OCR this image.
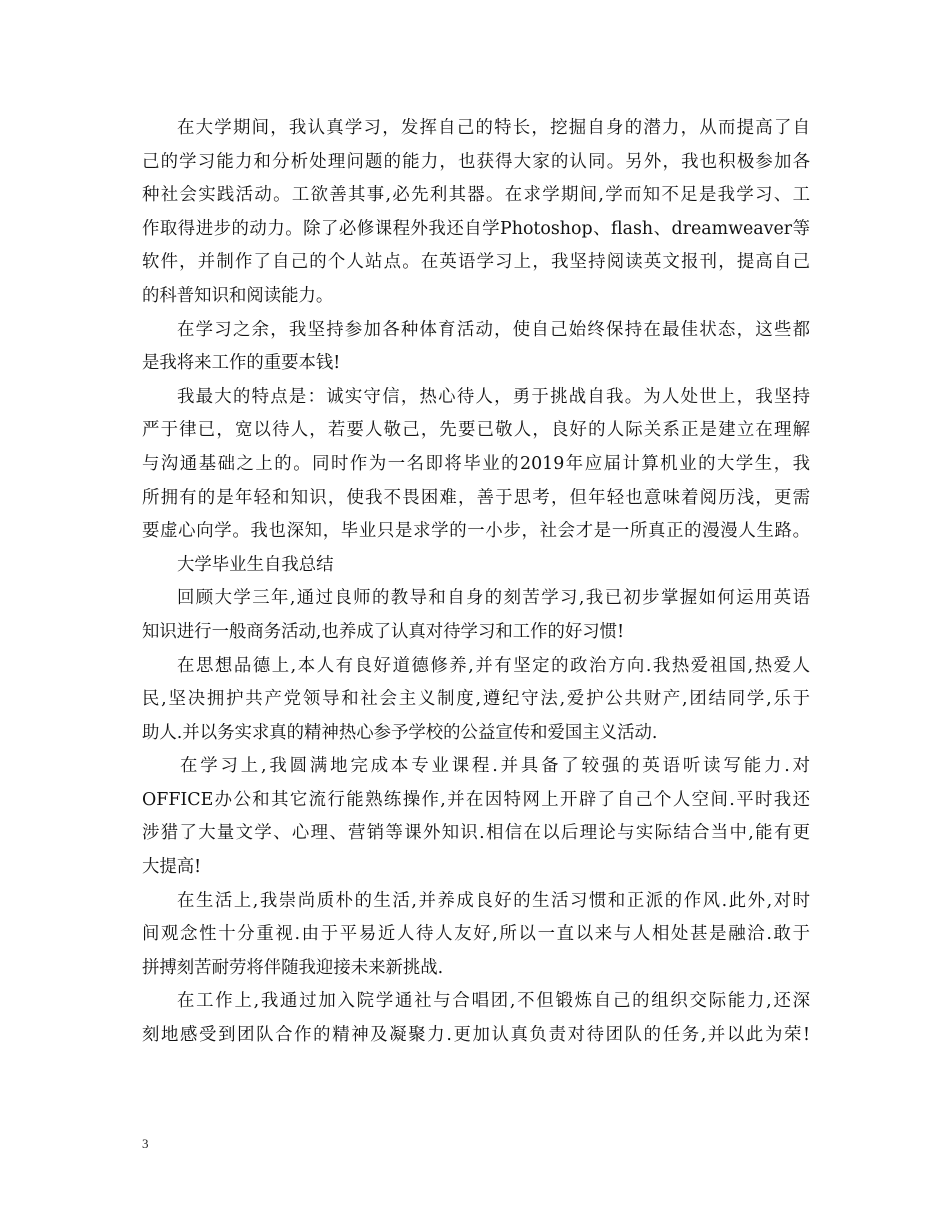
在大学期间，我认真学习，发挥自己的特长，挖掘自身的潜力，从而提高了自
己的学习能力和分析处理问题的能力，也获得大家的认同。另外，我也积极参加各
种社会实践活动。工欲善其事,必先利其器。在求学期间,学而知不足是我学习、工
作取得进步的动力。除了必修课程外我还自学Photoshop、flash、dreamweaver等
软件，并制作了自己的个人站点。在英语学习上，我坚持阅读英文报刊，提高自己
的科普知识和阅读能力。
在学习之余，我坚持参加各种体育活动，使自己始终保持在最佳状态，这些都
是我将来工作的重要本钱!
我最大的特点是：诚实守信，热心待人，勇于挑战自我。为人处世上，我坚持
严于律已，宽以待人，若要人敬己，先要已敬人，良好的人际关系正是建立在理解
与沟通基础之上的。同时作为一名即将毕业的2019年应届计算机业的大学生，我
所拥有的是年轻和知识，使我不畏困难，善于思考，但年轻也意味着阅历浅，更需
要虚心向学。我也深知，毕业只是求学的一小步，社会才是一所真正的漫漫人生路。
大学毕业生自我总结
回顾大学三年,通过良师的教导和自身的刻苦学习,我已初步掌握如何运用英语
知识进行一般商务活动,也养成了认真对待学习和工作的好习惯!
在思想品德上,本人有良好道德修养,并有坚定的政治方向.我热爱祖国,热爱人
民,坚决拥护共产党领导和社会主义制度,遵纪守法,爱护公共财产,团结同学,乐于
助人.并以务实求真的精神热心参予学校的公益宣传和爱国主义活动.
在学习上,我圆满地完成本专业课程.并具备了较强的英语听读写能力.对
OFFICE办公和其它流行能熟练操作,并在因特网上开辟了自己个人空间.平时我还
涉猎了大量文学、心理、营销等课外知识.相信在以后理论与实际结合当中,能有更
大提高!
在生活上,我崇尚质朴的生活,并养成良好的生活习惯和正派的作风.此外,对时
间观念性十分重视.由于平易近人待人友好,所以一直以来与人相处甚是融洽.敢于
拼搏刻苦耐劳将伴随我迎接未来新挑战.
在工作上,我通过加入院学通社与合唱团,不但锻炼自己的组织交际能力,还深
刻地感受到团队合作的精神及凝聚力.更加认真负责对待团队的任务,并以此为荣!
3
